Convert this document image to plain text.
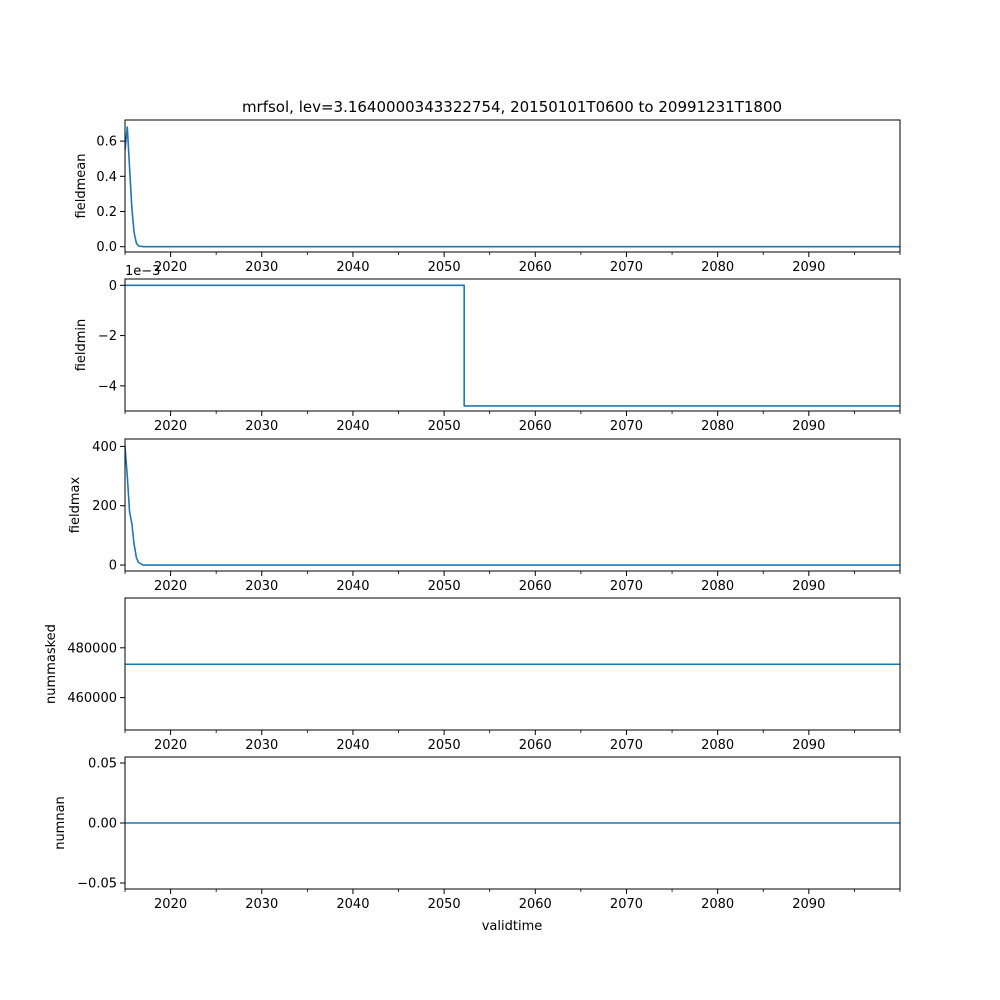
mrfsol, lev=3.1640000343322754, 20150101T0600 to 20991231T1800
validtime
2020	2030	2040	2050	2060	2070	2080	2090
0.0
0.2
0.4
0.6
fieldmean
2020	2030	2040	2050	2060	2070	2080	2090
−4
−2
0
fieldmin
1e−3
2020	2030	2040	2050	2060	2070	2080	2090
0
200
400
fieldmax
2020	2030	2040	2050	2060	2070	2080	2090
460000
480000
nummasked
2020	2030	2040	2050	2060	2070	2080	2090
−0.05
0.00
0.05
numnan
